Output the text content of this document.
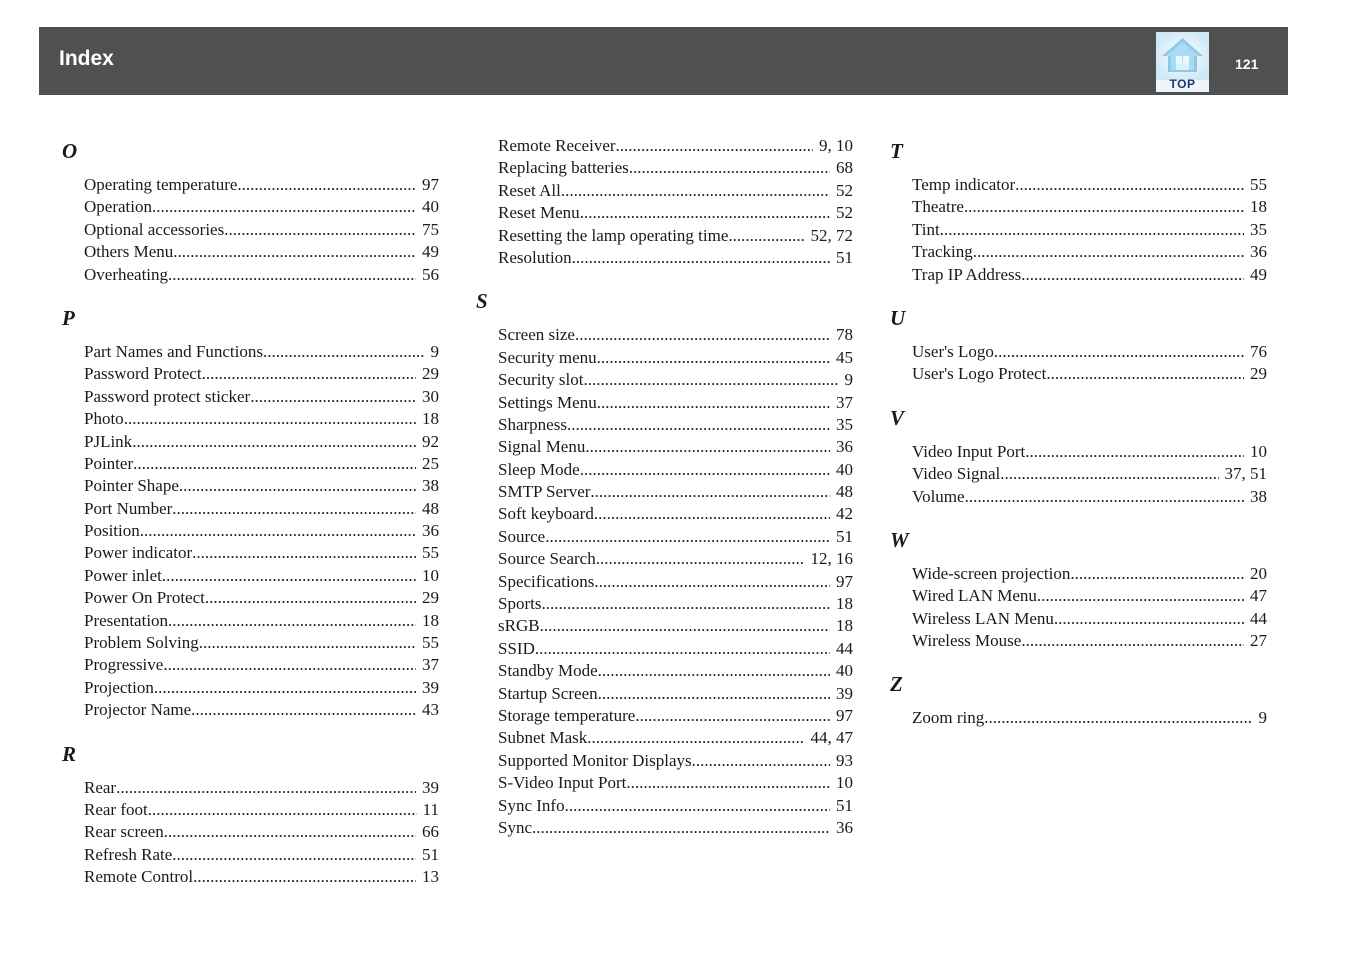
Index
TOP
121
O
Operating temperature .....	97
Operation .....	40
Optional accessories .....	75
Others Menu .....	49
Overheating .....	56
P
Part Names and Functions .....	9
Password Protect .....	29
Password protect sticker .....	30
Photo .....	18
PJLink .....	92
Pointer .....	25
Pointer Shape .....	38
Port Number .....	48
Position .....	36
Power indicator .....	55
Power inlet .....	10
Power On Protect .....	29
Presentation .....	18
Problem Solving .....	55
Progressive .....	37
Projection .....	39
Projector Name .....	43
R
Rear .....	39
Rear foot .....	11
Rear screen .....	66
Refresh Rate .....	51
Remote Control .....	13
Remote Receiver .....	9, 10
Replacing batteries .....	68
Reset All .....	52
Reset Menu .....	52
Resetting the lamp operating time .....	52, 72
Resolution .....	51
S
Screen size .....	78
Security menu .....	45
Security slot .....	9
Settings Menu .....	37
Sharpness .....	35
Signal Menu .....	36
Sleep Mode .....	40
SMTP Server .....	48
Soft keyboard .....	42
Source .....	51
Source Search .....	12, 16
Specifications .....	97
Sports .....	18
sRGB .....	18
SSID .....	44
Standby Mode .....	40
Startup Screen .....	39
Storage temperature .....	97
Subnet Mask .....	44, 47
Supported Monitor Displays .....	93
S-Video Input Port .....	10
Sync Info .....	51
Sync .....	36
T
Temp indicator .....	55
Theatre .....	18
Tint .....	35
Tracking .....	36
Trap IP Address .....	49
U
User's Logo .....	76
User's Logo Protect .....	29
V
Video Input Port .....	10
Video Signal .....	37, 51
Volume .....	38
W
Wide-screen projection .....	20
Wired LAN Menu .....	47
Wireless LAN Menu .....	44
Wireless Mouse .....	27
Z
Zoom ring .....	9
